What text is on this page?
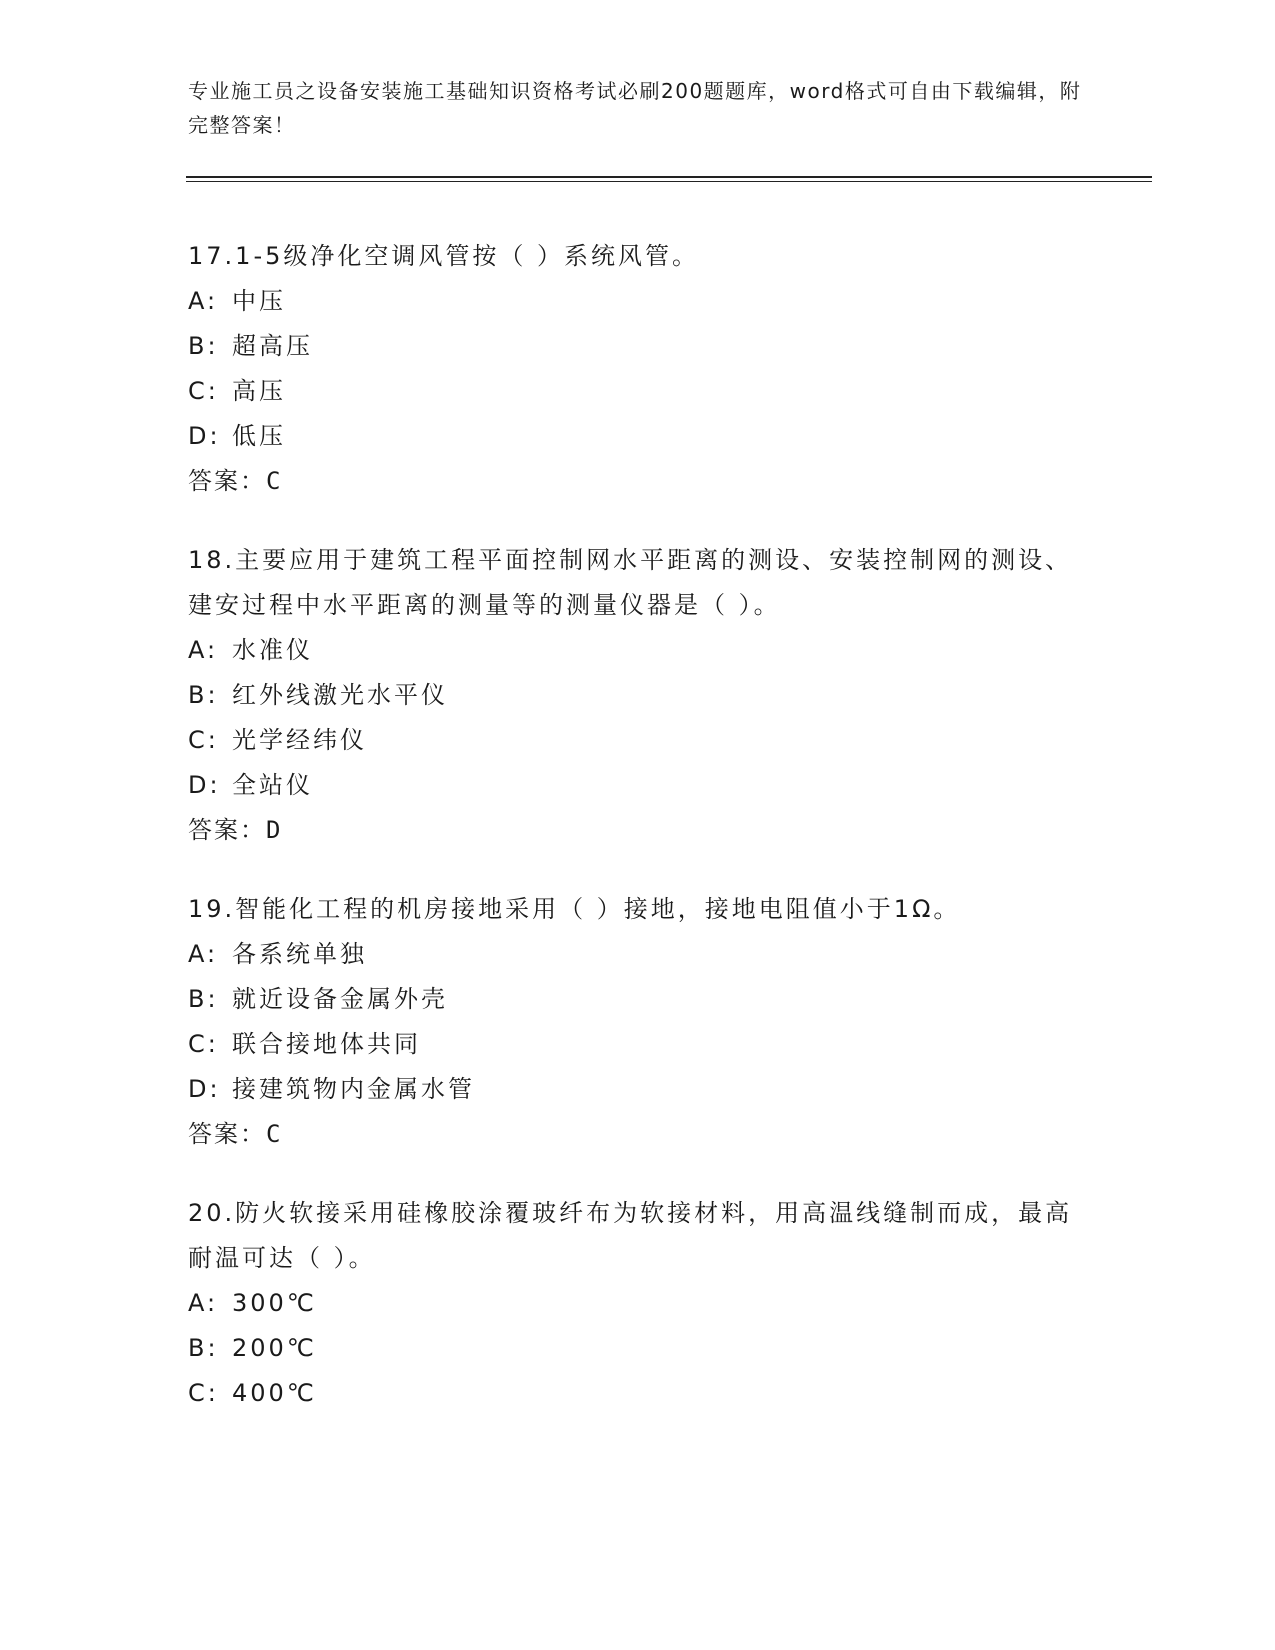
专业施工员之设备安装施工基础知识资格考试必刷200题题库，word格式可自由下载编辑，附完整答案！

17.1-5级净化空调风管按（ ）系统风管。

A: 中压

B: 超高压

C: 高压

D: 低压

答案：C

18.主要应用于建筑工程平面控制网水平距离的测设、安装控制网的测设、建安过程中水平距离的测量等的测量仪器是（ ）。

A: 水准仪

B: 红外线激光水平仪

C: 光学经纬仪

D: 全站仪

答案：D

19.智能化工程的机房接地采用（ ）接地，接地电阻值小于1Ω。

A: 各系统单独

B: 就近设备金属外壳

C: 联合接地体共同

D: 接建筑物内金属水管

答案：C

20.防火软接采用硅橡胶涂覆玻纤布为软接材料，用高温线缝制而成，最高耐温可达（ ）。

A: 300℃

B: 200℃

C: 400℃
